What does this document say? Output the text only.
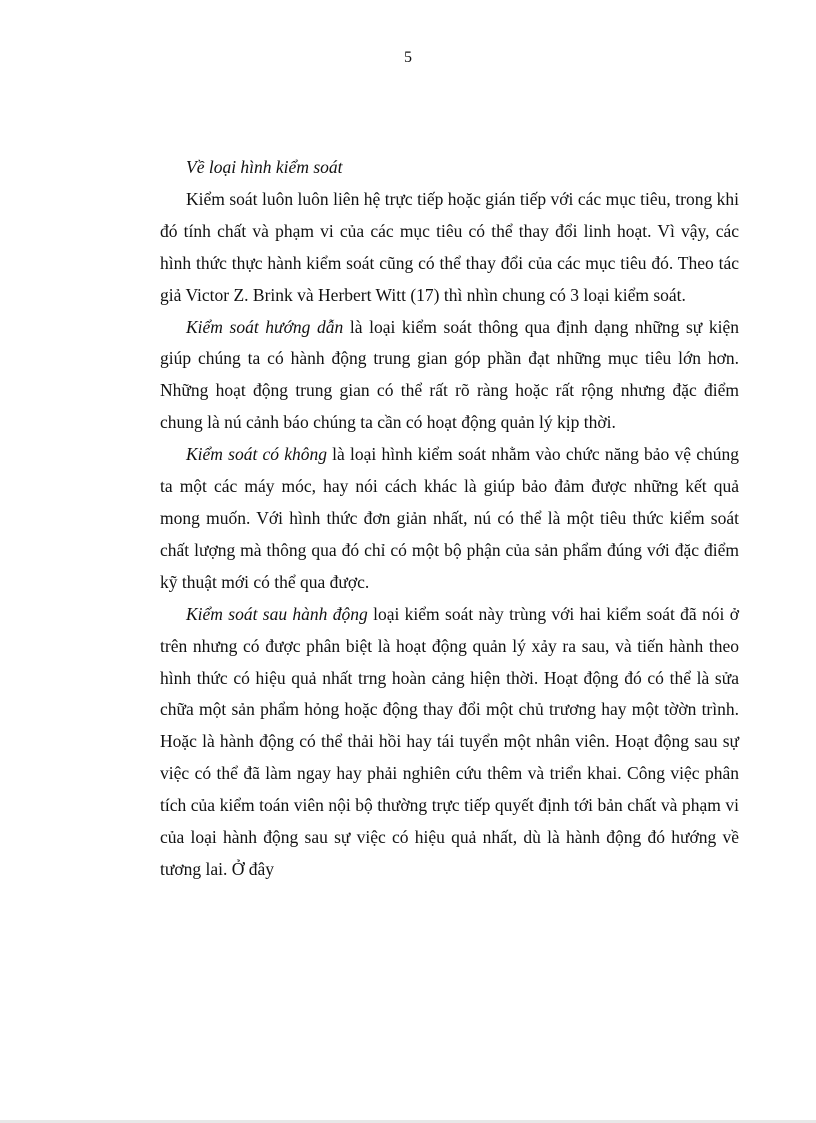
5

Về loại hình kiểm soát

Kiểm soát luôn luôn liên hệ trực tiếp hoặc gián tiếp với các mục tiêu, trong khi đó tính chất và phạm vi của các mục tiêu có thể thay đổi linh hoạt. Vì vậy, các hình thức thực hành kiểm soát cũng có thể thay đổi của các mục tiêu đó. Theo tác giả Victor Z. Brink và Herbert Witt (17) thì nhìn chung có 3 loại kiểm soát.

Kiểm soát hướng dẫn là loại kiểm soát thông qua định dạng những sự kiện giúp chúng ta có hành động trung gian góp phần đạt những mục tiêu lớn hơn. Những hoạt động trung gian có thể rất rõ ràng hoặc rất rộng nhưng đặc điểm chung là nú cảnh báo chúng ta cần có hoạt động quản lý kịp thời.

Kiểm soát có không là loại hình kiểm soát nhằm vào chức năng bảo vệ chúng ta một các máy móc, hay nói cách khác là giúp bảo đảm được những kết quả mong muốn. Với hình thức đơn giản nhất, nú có thể là một tiêu thức kiểm soát chất lượng mà thông qua đó chỉ có một bộ phận của sản phẩm đúng với đặc điểm kỹ thuật mới có thể qua được.

Kiểm soát sau hành động loại kiểm soát này trùng với hai kiểm soát đã nói ở trên nhưng có được phân biệt là hoạt động quản lý xảy ra sau, và tiến hành theo hình thức có hiệu quả nhất trng hoàn cảng hiện thời. Hoạt động đó có thể là sửa chữa một sản phẩm hỏng hoặc động thay đổi một chủ trương hay một tờờn trình. Hoặc là hành động có thể thải hồi hay tái tuyển một nhân viên. Hoạt động sau sự việc có thể đã làm ngay hay phải nghiên cứu thêm và triển khai. Công việc phân tích của kiểm toán viên nội bộ thường trực tiếp quyết định tới bản chất và phạm vi của loại hành động sau sự việc có hiệu quả nhất, dù là hành động đó hướng về tương lai. Ở đây
